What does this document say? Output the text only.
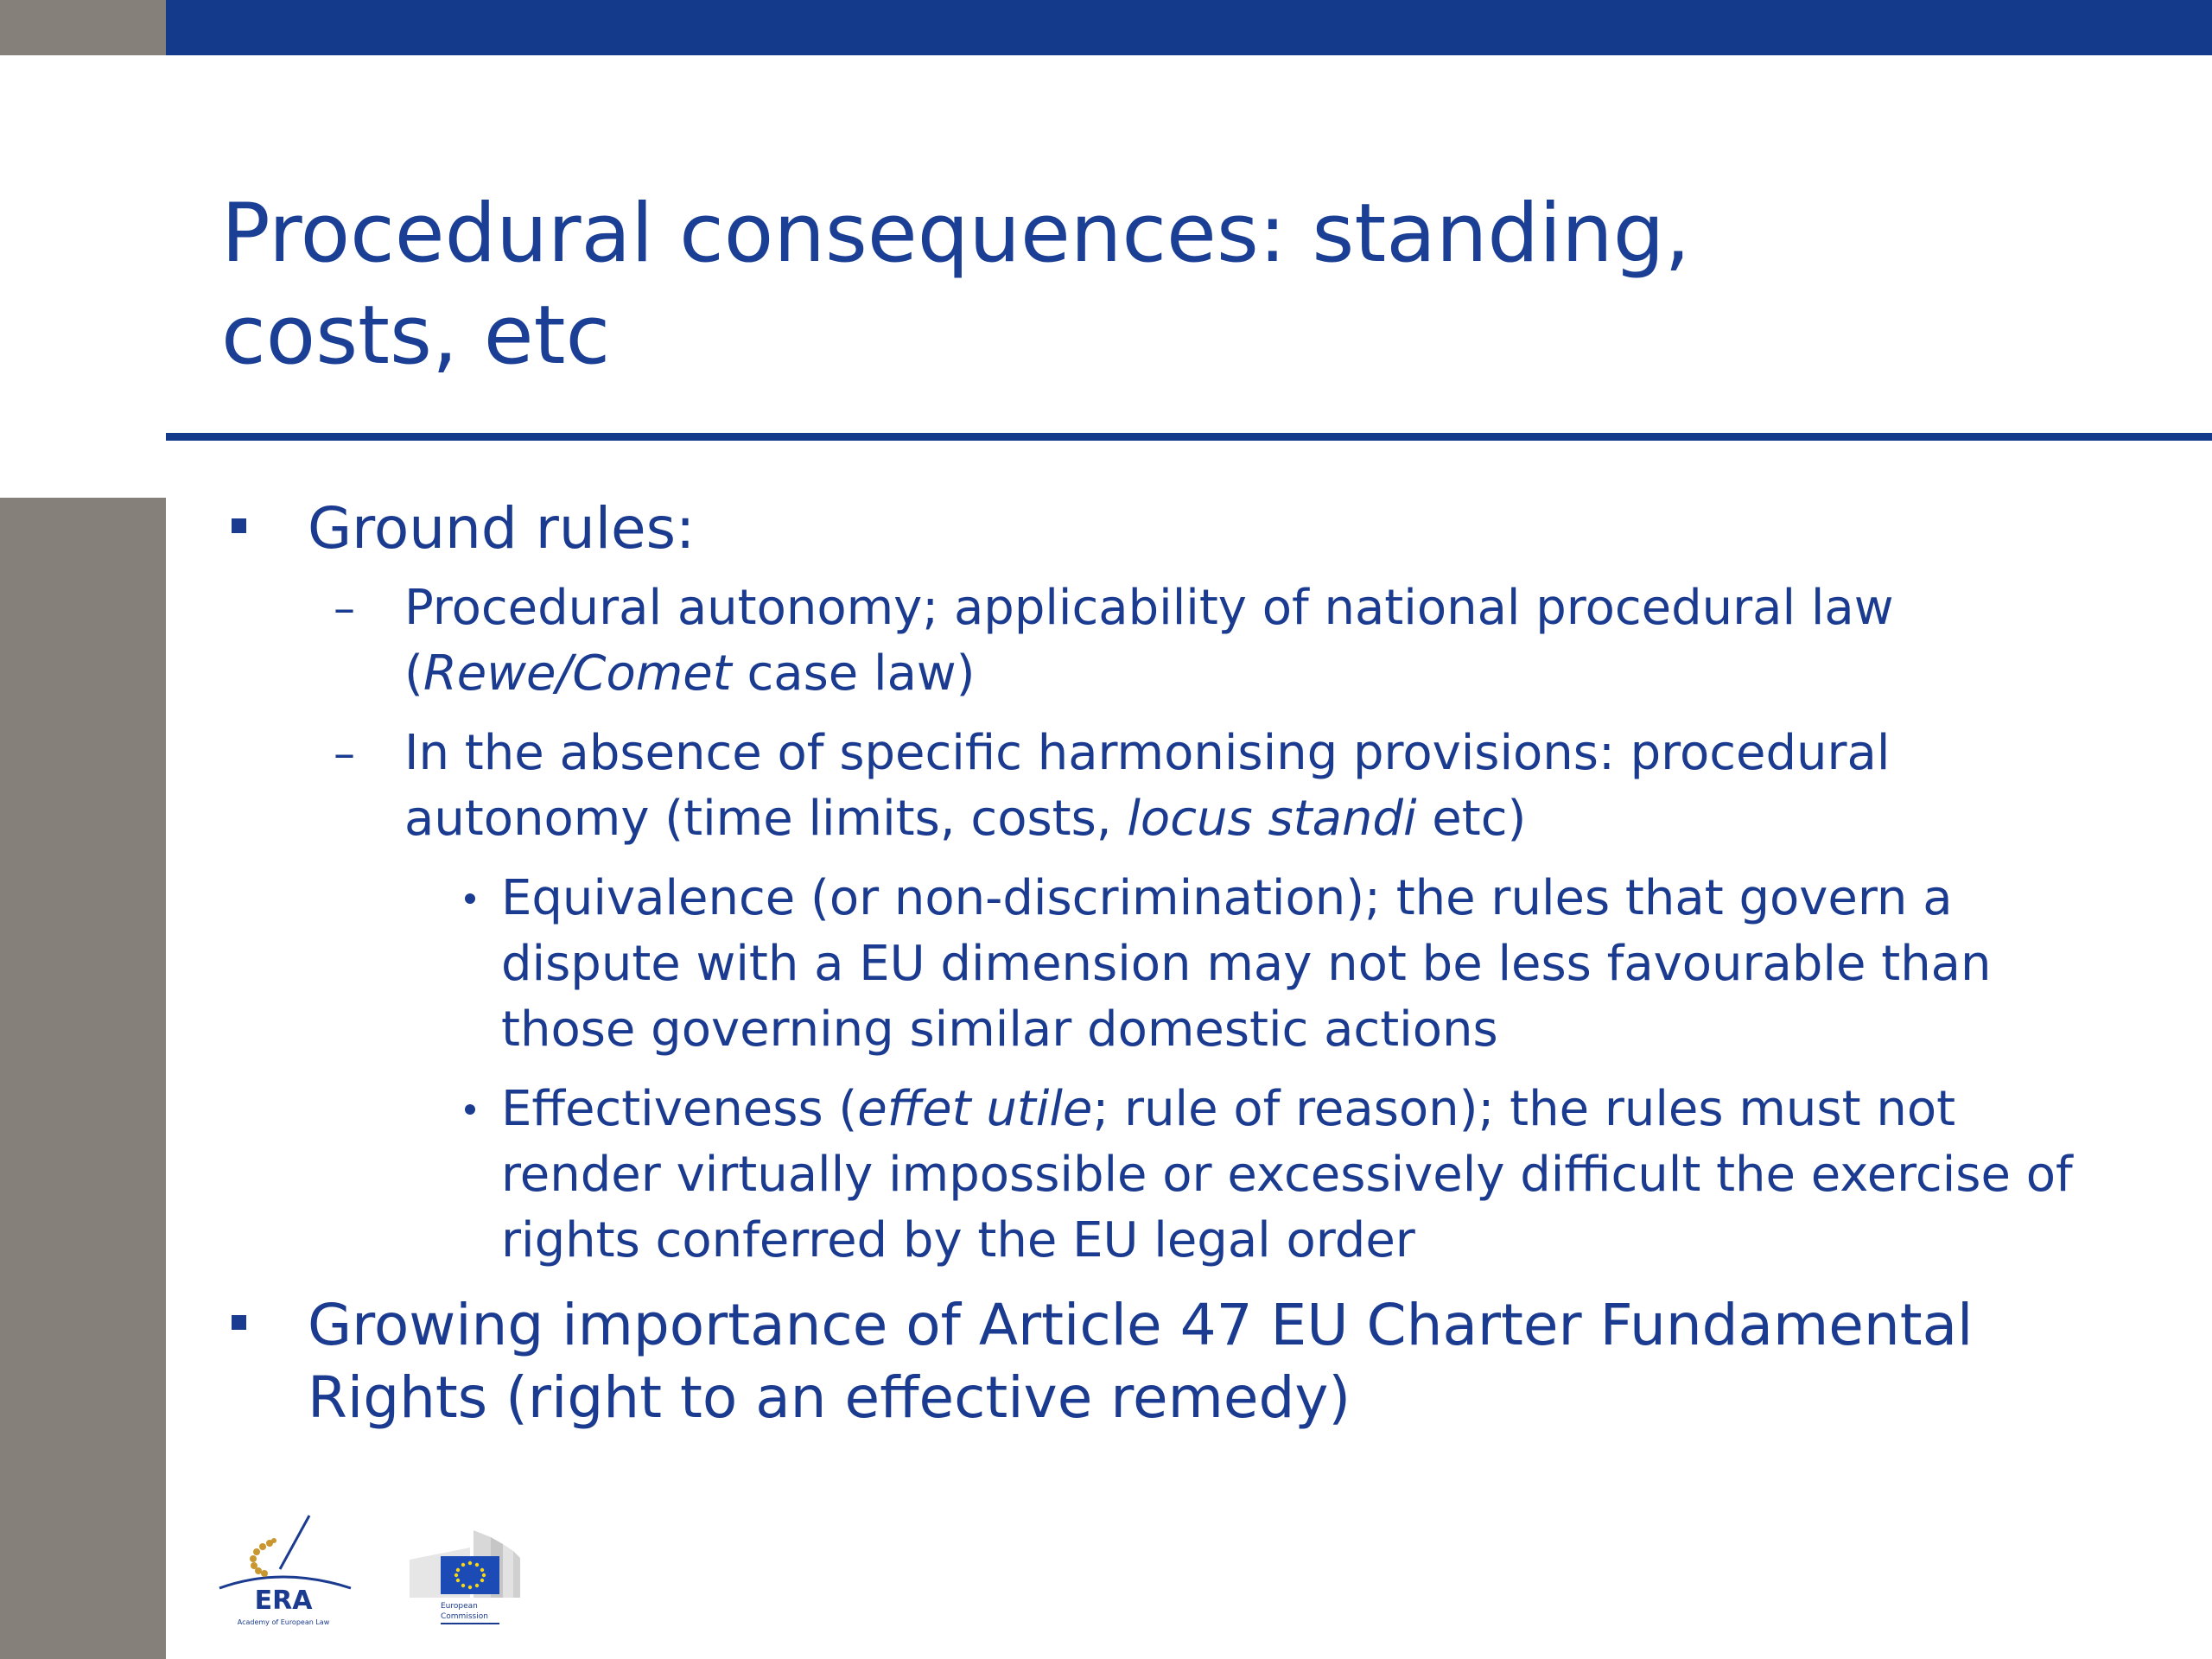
Procedural consequences: standing,
costs, etc
Ground rules:
– Procedural autonomy; applicability of national procedural law
(Rewe/Comet case law)
– In the absence of specific harmonising provisions: procedural
autonomy (time limits, costs, locus standi etc)
Equivalence (or non-discrimination); the rules that govern a dispute with a EU dimension may not be less favourable than those governing similar domestic actions
Effectiveness (effet utile; rule of reason); the rules must not render virtually impossible or excessively difficult the exercise of rights conferred by the EU legal order
Growing importance of Article 47 EU Charter Fundamental Rights (right to an effective remedy)
ERA
Academy of European Law
European
Commission
